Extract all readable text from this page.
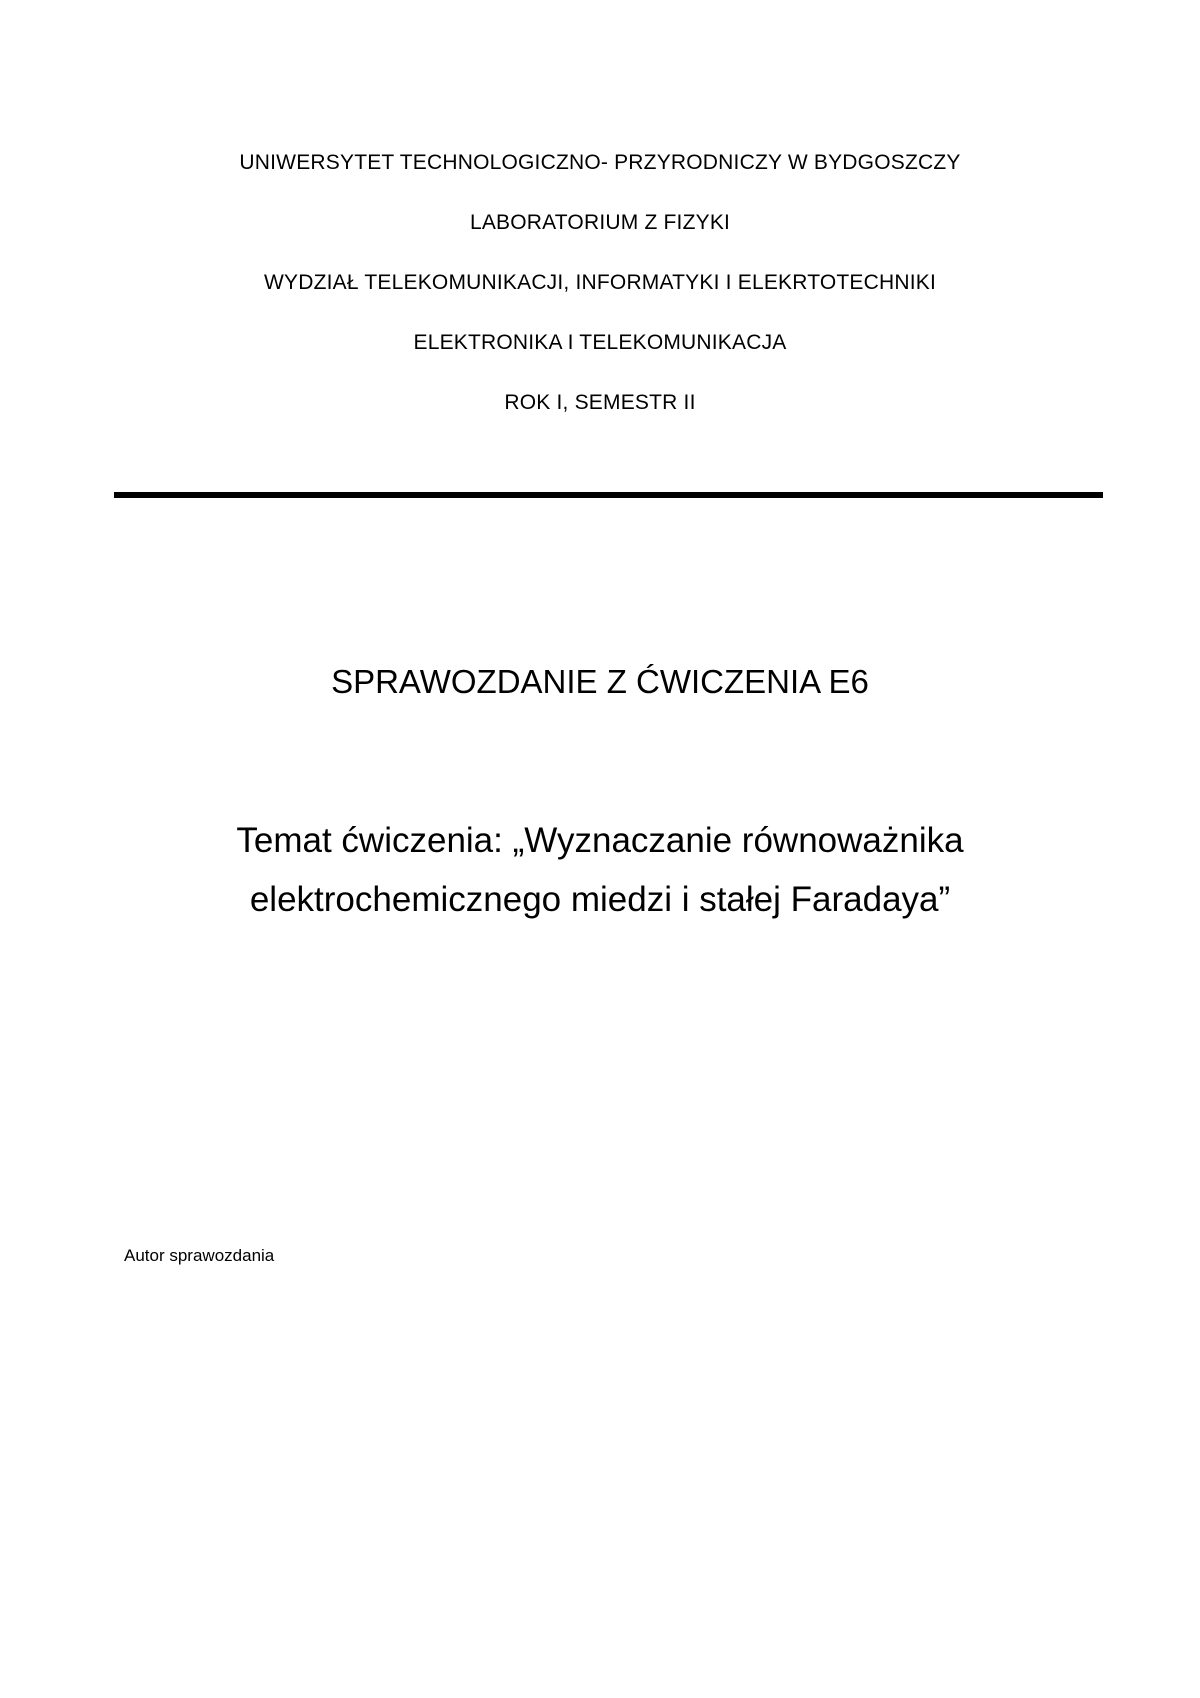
UNIWERSYTET TECHNOLOGICZNO- PRZYRODNICZY W BYDGOSZCZY
LABORATORIUM Z FIZYKI
WYDZIAŁ TELEKOMUNIKACJI, INFORMATYKI I ELEKRTOTECHNIKI
ELEKTRONIKA I TELEKOMUNIKACJA
ROK I, SEMESTR II
SPRAWOZDANIE Z ĆWICZENIA E6
Temat ćwiczenia: „Wyznaczanie równoważnika
elektrochemicznego miedzi i stałej Faradaya”
Autor sprawozdania
